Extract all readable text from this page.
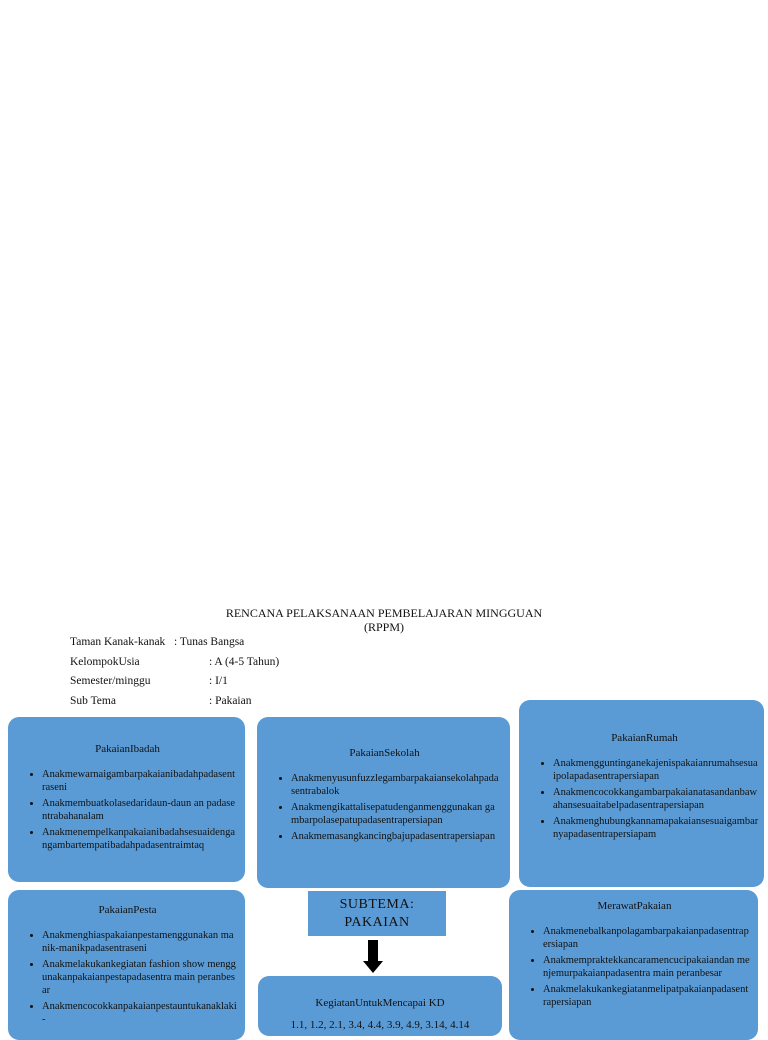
RENCANA PELAKSANAAN PEMBELAJARAN MINGGUAN
(RPPM)
Taman Kanak-kanak : Tunas Bangsa
KelompokUsia	: A (4-5 Tahun)
Semester/minggu	: I/1
Sub Tema	: Pakaian
PakaianIbadah
• Anakmewarnaigambarpakaianibadahpadasentraseni
• Anakmembuatkolasedaridaun-daun an padasentrabahanalam
• Anakmenempelkanpakaianibadahsesuaidengangambartempatibadahpadasentraimtaq
PakaianSekolah
• Anakmenyusunfuzzlegambarpakaiansekolahpadasentrabalok
• Anakmengikattalisepatudenganmenggunakan gambarpolasepatupadasentrapersiapan
• Anakmemasangkancingbajupadasentrapersiapan
PakaianRumah
• Anakmengguntinganekajenispakaianrumahsesuaipolapadasentrapersiapan
• Anakmencocokkangambarpakaianatasandanbawahansesuaitabelpadasentrapersiapan
• Anakmenghubungkannamapakaiansesuaigambarnyapadasentrapersiapam
PakaianPesta
• Anakmenghiaspakaianpestamenggunakan manik-manikpadasentraseni
• Anakmelakukankegiatan fashion show menggunakanpakaianpestapadasentra main peranbesar
• Anakmencocokkanpakaianpestauntukanaklaki-
SUBTEMA:
PAKAIAN
KegiatanUntukMencapai KD
1.1, 1.2, 2.1, 3.4, 4.4, 3.9, 4.9, 3.14, 4.14
MerawatPakaian
• Anakmenebalkanpolagambarpakaianpadasentrapersiapan
• Anakmempraktekkancaramencucipakaiandan menjemurpakaianpadasentra main peranbesar
• Anakmelakukankegiatanmelipatpakaianpadasentrapersiapan
